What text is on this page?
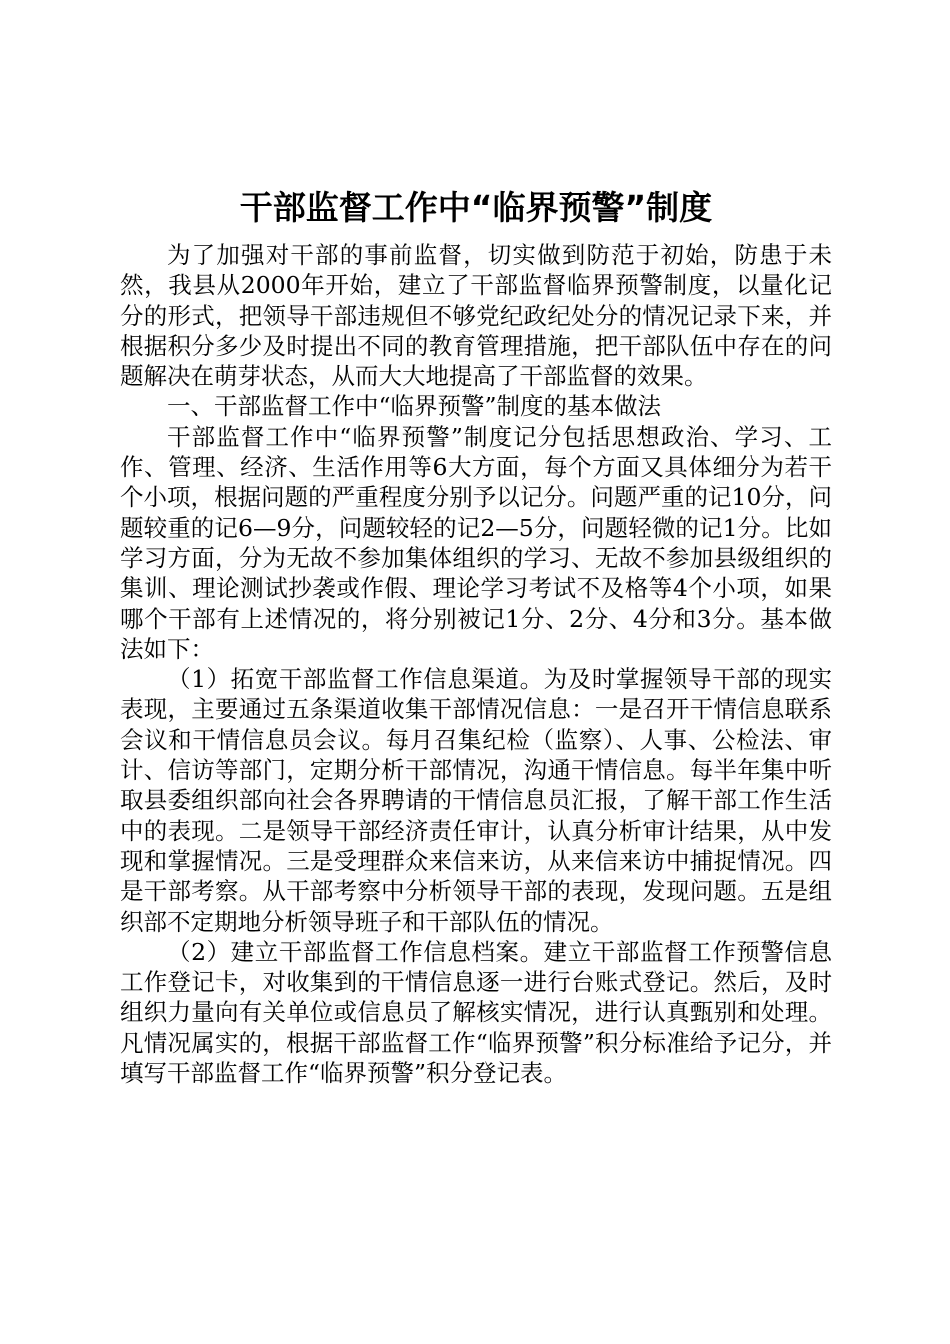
干部监督工作中“临界预警”制度

为了加强对干部的事前监督，切实做到防范于初始，防患于未然，我县从2000年开始，建立了干部监督临界预警制度，以量化记分的形式，把领导干部违规但不够党纪政纪处分的情况记录下来，并根据积分多少及时提出不同的教育管理措施，把干部队伍中存在的问题解决在萌芽状态，从而大大地提高了干部监督的效果。

一、干部监督工作中“临界预警”制度的基本做法

干部监督工作中“临界预警”制度记分包括思想政治、学习、工作、管理、经济、生活作用等6大方面，每个方面又具体细分为若干个小项，根据问题的严重程度分别予以记分。问题严重的记10分，问题较重的记6—9分，问题较轻的记2—5分，问题轻微的记1分。比如学习方面，分为无故不参加集体组织的学习、无故不参加县级组织的集训、理论测试抄袭或作假、理论学习考试不及格等4个小项，如果哪个干部有上述情况的，将分别被记1分、2分、4分和3分。基本做法如下：

（1）拓宽干部监督工作信息渠道。为及时掌握领导干部的现实表现，主要通过五条渠道收集干部情况信息：一是召开干情信息联系会议和干情信息员会议。每月召集纪检（监察）、人事、公检法、审计、信访等部门，定期分析干部情况，沟通干情信息。每半年集中听取县委组织部向社会各界聘请的干情信息员汇报，了解干部工作生活中的表现。二是领导干部经济责任审计，认真分析审计结果，从中发现和掌握情况。三是受理群众来信来访，从来信来访中捕捉情况。四是干部考察。从干部考察中分析领导干部的表现，发现问题。五是组织部不定期地分析领导班子和干部队伍的情况。

（2）建立干部监督工作信息档案。建立干部监督工作预警信息工作登记卡，对收集到的干情信息逐一进行台账式登记。然后，及时组织力量向有关单位或信息员了解核实情况，进行认真甄别和处理。凡情况属实的，根据干部监督工作“临界预警”积分标准给予记分，并填写干部监督工作“临界预警”积分登记表。
